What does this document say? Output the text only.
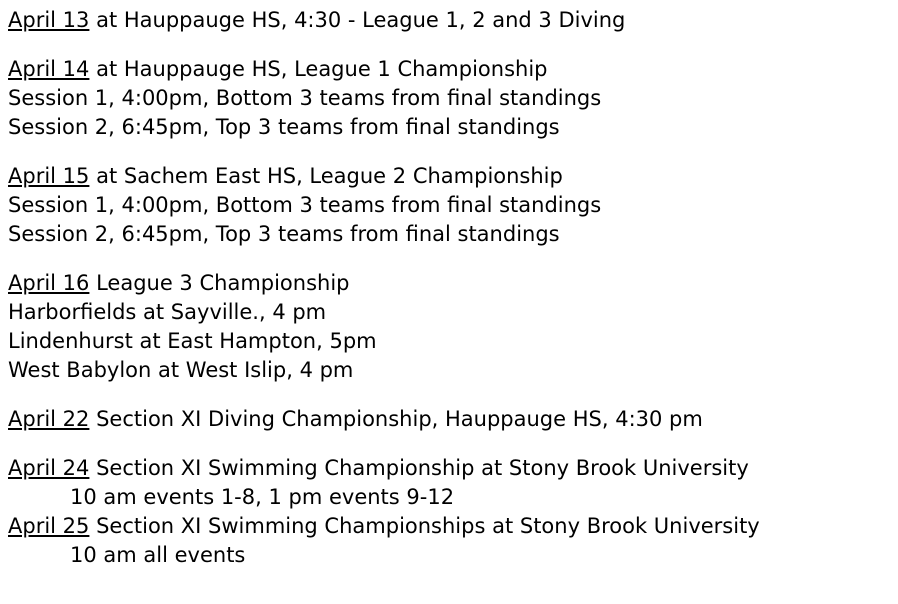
April 13 at Hauppauge HS, 4:30 - League 1, 2 and 3 Diving
April 14 at Hauppauge HS, League 1 Championship
Session 1, 4:00pm, Bottom 3 teams from final standings
Session 2, 6:45pm, Top 3 teams from final standings
April 15 at Sachem East HS, League 2 Championship
Session 1, 4:00pm, Bottom 3 teams from final standings
Session 2, 6:45pm, Top 3 teams from final standings
April 16 League 3 Championship
Harborfields at Sayville., 4 pm
Lindenhurst at East Hampton, 5pm
West Babylon at West Islip, 4 pm
April 22 Section XI Diving Championship, Hauppauge HS, 4:30 pm
April 24 Section XI Swimming Championship at Stony Brook University
10 am events 1-8, 1 pm events 9-12
April 25 Section XI Swimming Championships at Stony Brook University
10 am all events
